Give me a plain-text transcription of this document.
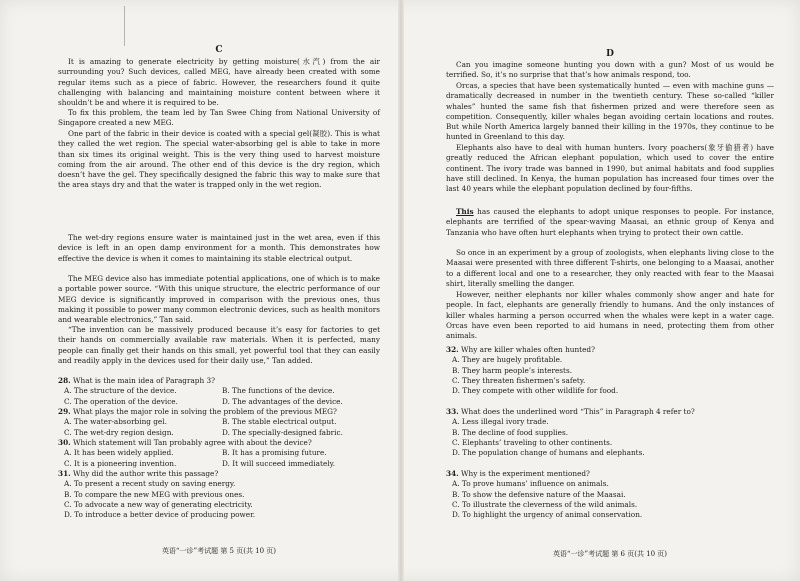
C

It is amazing to generate electricity by getting moisture(水汽) from the air surrounding you? Such devices, called MEG, have already been created with some regular items such as a piece of fabric. However, the researchers found it quite challenging with balancing and maintaining moisture content between where it shouldn’t be and where it is required to be.

To fix this problem, the team led by Tan Swee Ching from National University of Singapore created a new MEG.

One part of the fabric in their device is coated with a special gel(凝胶). This is what they called the wet region. The special water-absorbing gel is able to take in more than six times its original weight. This is the very thing used to harvest moisture coming from the air around. The other end of this device is the dry region, which doesn’t have the gel. They specifically designed the fabric this way to make sure that the area stays dry and that the water is trapped only in the wet region.

The wet-dry regions ensure water is maintained just in the wet area, even if this device is left in an open damp environment for a month. This demonstrates how effective the device is when it comes to maintaining its stable electrical output.

The MEG device also has immediate potential applications, one of which is to make a portable power source. “With this unique structure, the electric performance of our MEG device is significantly improved in comparison with the previous ones, thus making it possible to power many common electronic devices, such as health monitors and wearable electronics,” Tan said.

“The invention can be massively produced because it’s easy for factories to get their hands on commercially available raw materials. When it is perfected, many people can finally get their hands on this small, yet powerful tool that they can easily and readily apply in the devices used for their daily use,” Tan added.

28. What is the main idea of Paragraph 3?
A. The structure of the device.	B. The functions of the device.
C. The operation of the device.	D. The advantages of the device.
29. What plays the major role in solving the problem of the previous MEG?
A. The water-absorbing gel.	B. The stable electrical output.
C. The wet-dry region design.	D. The specially-designed fabric.
30. Which statement will Tan probably agree with about the device?
A. It has been widely applied.	B. It has a promising future.
C. It is a pioneering invention.	D. It will succeed immediately.
31. Why did the author write this passage?
A. To present a recent study on saving energy.
B. To compare the new MEG with previous ones.
C. To advocate a new way of generating electricity.
D. To introduce a better device of producing power.
英语“一诊”考试题 第 5 页(共 10 页)
D

Can you imagine someone hunting you down with a gun? Most of us would be terrified. So, it’s no surprise that that’s how animals respond, too.

Orcas, a species that have been systematically hunted — even with machine guns — dramatically decreased in number in the twentieth century. These so-called “killer whales” hunted the same fish that fishermen prized and were therefore seen as competition. Consequently, killer whales began avoiding certain locations and routes. But while North America largely banned their killing in the 1970s, they continue to be hunted in Greenland to this day.

Elephants also have to deal with human hunters. Ivory poachers(象牙偷猎者) have greatly reduced the African elephant population, which used to cover the entire continent. The ivory trade was banned in 1990, but animal habitats and food supplies have still declined. In Kenya, the human population has increased four times over the last 40 years while the elephant population declined by four-fifths.

This has caused the elephants to adopt unique responses to people. For instance, elephants are terrified of the spear-waving Maasai, an ethnic group of Kenya and Tanzania who have often hurt elephants when trying to protect their own cattle.

So once in an experiment by a group of zoologists, when elephants living close to the Maasai were presented with three different T-shirts, one belonging to a Maasai, another to a different local and one to a researcher, they only reacted with fear to the Maasai shirt, literally smelling the danger.

However, neither elephants nor killer whales commonly show anger and hate for people. In fact, elephants are generally friendly to humans. And the only instances of killer whales harming a person occurred when the whales were kept in a water cage. Orcas have even been reported to aid humans in need, protecting them from other animals.

32. Why are killer whales often hunted?
A. They are hugely profitable.
B. They harm people’s interests.
C. They threaten fishermen’s safety.
D. They compete with other wildlife for food.
33. What does the underlined word “This” in Paragraph 4 refer to?
A. Less illegal ivory trade.
B. The decline of food supplies.
C. Elephants’ traveling to other continents.
D. The population change of humans and elephants.
34. Why is the experiment mentioned?
A. To prove humans’ influence on animals.
B. To show the defensive nature of the Maasai.
C. To illustrate the cleverness of the wild animals.
D. To highlight the urgency of animal conservation.
英语“一诊”考试题 第 6 页(共 10 页)
